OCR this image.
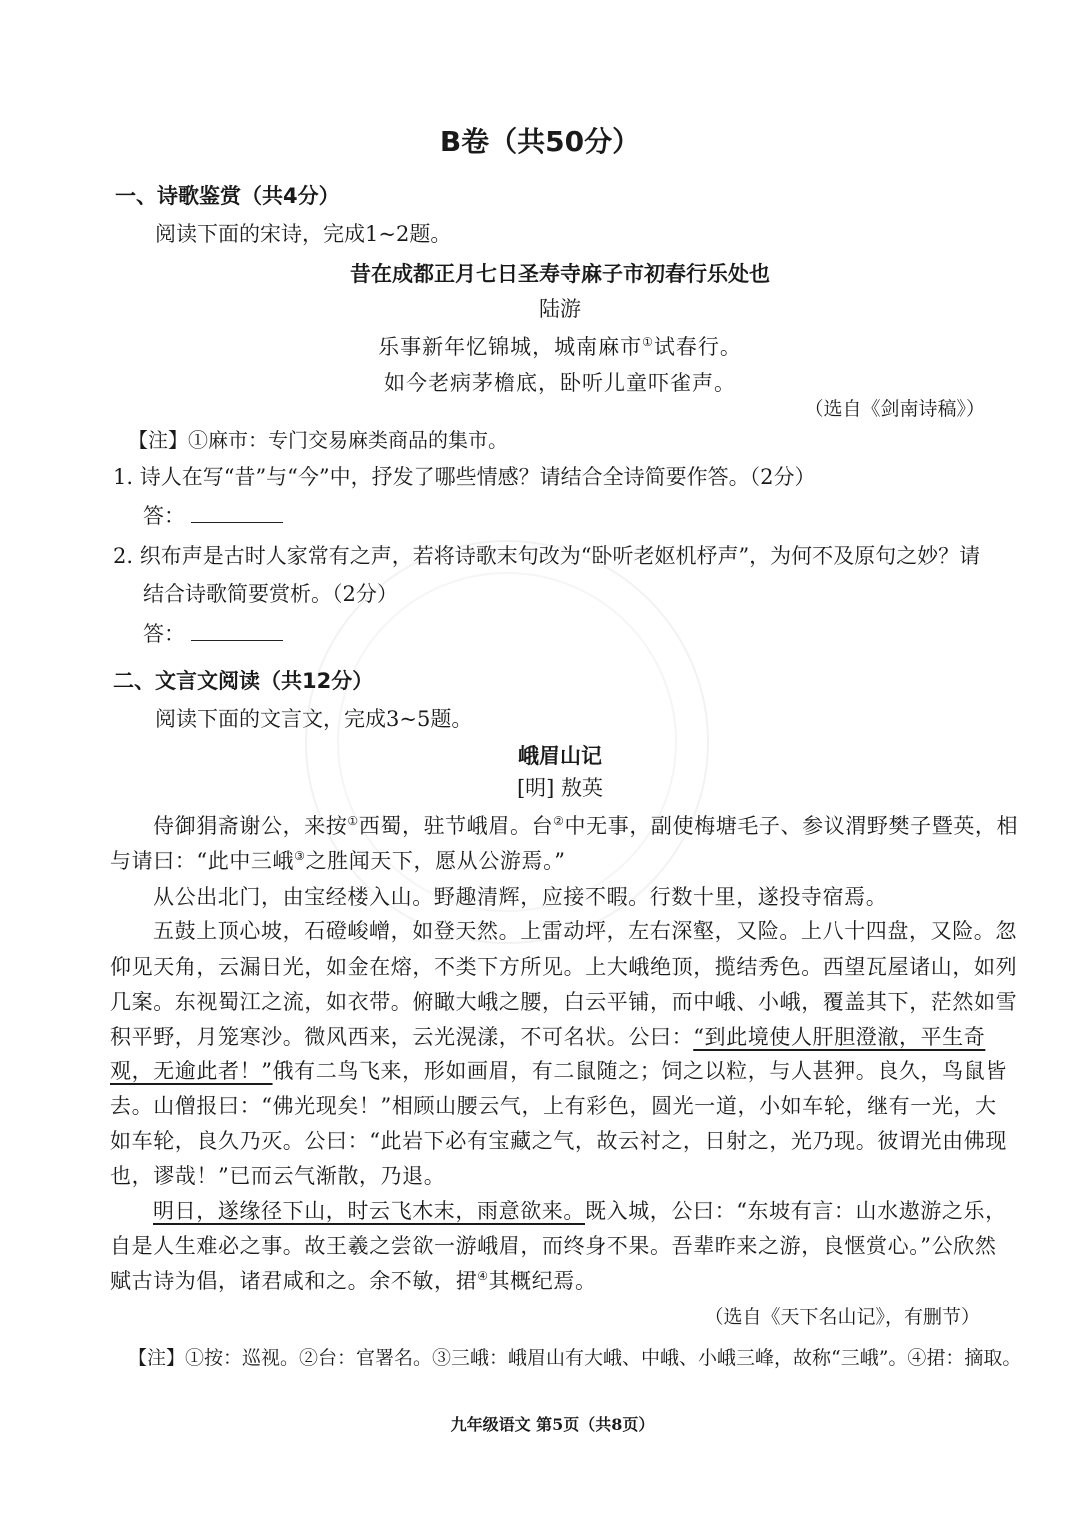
B卷（共50分）
一、诗歌鉴赏（共4分）
阅读下面的宋诗，完成1~2题。
昔在成都正月七日圣寿寺麻子市初春行乐处也
陆游
乐事新年忆锦城，城南麻市①试春行。
如今老病茅檐底，卧听儿童吓雀声。
（选自《剑南诗稿》）
【注】①麻市：专门交易麻类商品的集市。
1. 诗人在写“昔”与“今”中，抒发了哪些情感？请结合全诗简要作答。（2分）
答：
2. 织布声是古时人家常有之声，若将诗歌末句改为“卧听老妪机杼声”，为何不及原句之妙？请
结合诗歌简要赏析。（2分）
答：
二、文言文阅读（共12分）
阅读下面的文言文，完成3~5题。
峨眉山记
[明] 敖英
侍御狷斋谢公，来按①西蜀，驻节峨眉。台②中无事，副使梅塘毛子、参议渭野樊子暨英，相
与请曰：“此中三峨③之胜闻天下，愿从公游焉。”
从公出北门，由宝经楼入山。野趣清辉，应接不暇。行数十里，遂投寺宿焉。
五鼓上顶心坡，石磴峻嶒，如登天然。上雷动坪，左右深壑，又险。上八十四盘，又险。忽
仰见天角，云漏日光，如金在熔，不类下方所见。上大峨绝顶，揽结秀色。西望瓦屋诸山，如列
几案。东视蜀江之流，如衣带。俯瞰大峨之腰，白云平铺，而中峨、小峨，覆盖其下，茫然如雪
积平野，月笼寒沙。微风西来，云光滉漾，不可名状。公曰：“到此境使人肝胆澄澈，平生奇
观，无逾此者！”俄有二鸟飞来，形如画眉，有二鼠随之；饲之以粒，与人甚狎。良久，鸟鼠皆
去。山僧报曰：“佛光现矣！”相顾山腰云气，上有彩色，圆光一道，小如车轮，继有一光，大
如车轮，良久乃灭。公曰：“此岩下必有宝藏之气，故云衬之，日射之，光乃现。彼谓光由佛现
也，谬哉！”已而云气渐散，乃退。
明日，遂缘径下山，时云飞木末，雨意欲来。既入城，公曰：“东坡有言：山水遨游之乐，
自是人生难必之事。故王羲之尝欲一游峨眉，而终身不果。吾辈昨来之游，良惬赏心。”公欣然
赋古诗为倡，诸君咸和之。余不敏，捃④其概纪焉。
（选自《天下名山记》，有删节）
【注】①按：巡视。②台：官署名。③三峨：峨眉山有大峨、中峨、小峨三峰，故称“三峨”。④捃：摘取。
九年级语文 第5页（共8页）
